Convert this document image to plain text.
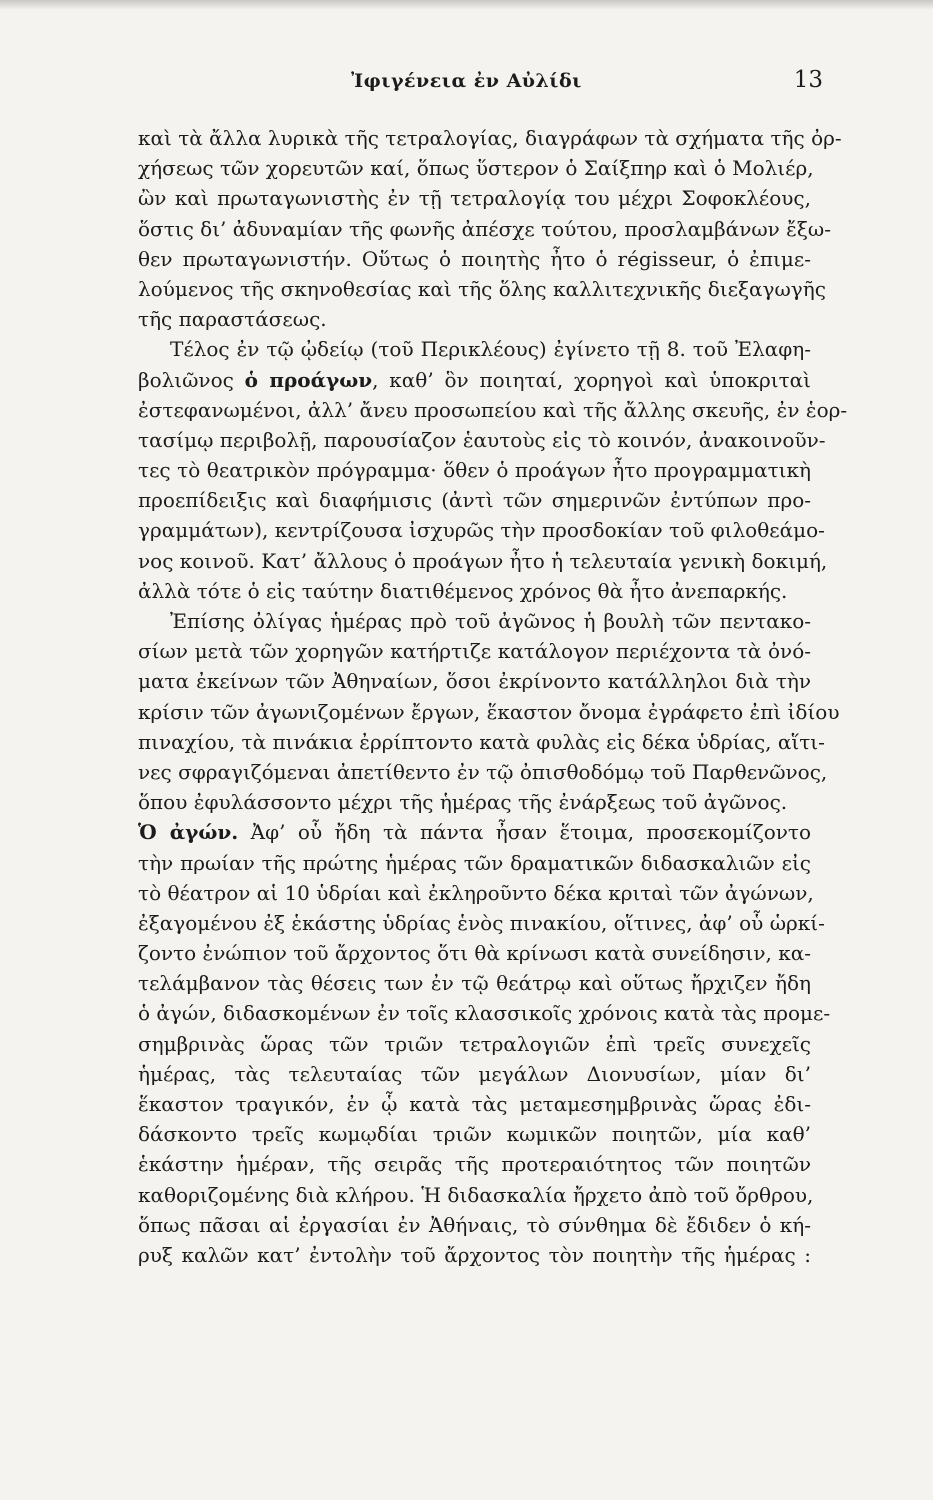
Ἰφιγένεια ἐν Αὐλίδι	13
καὶ τὰ ἄλλα λυρικὰ τῆς τετραλογίας, διαγράφων τὰ σχήματα τῆς ὀρ-
χήσεως τῶν χορευτῶν καί, ὅπως ὕστερον ὁ Σαίξπηρ καὶ ὁ Μολιέρ,
ὢν καὶ πρωταγωνιστὴς ἐν τῇ τετραλογίᾳ του μέχρι Σοφοκλέους,
ὅστις δι’ ἀδυναμίαν τῆς φωνῆς ἀπέσχε τούτου, προσλαμβάνων ἔξω-
θεν πρωταγωνιστήν. Οὕτως ὁ ποιητὴς ἦτο ὁ régisseur, ὁ ἐπιμε-
λούμενος τῆς σκηνοθεσίας καὶ τῆς ὅλης καλλιτεχνικῆς διεξαγωγῆς
τῆς παραστάσεως.
Τέλος ἐν τῷ ᾠδείῳ (τοῦ Περικλέους) ἐγίνετο τῇ 8. τοῦ Ἐλαφη-
βολιῶνος ὁ προάγων, καθ’ ὃν ποιηταί, χορηγοὶ καὶ ὑποκριταὶ
ἐστεφανωμένοι, ἀλλ’ ἄνευ προσωπείου καὶ τῆς ἄλλης σκευῆς, ἐν ἑορ-
τασίμῳ περιβολῇ, παρουσίαζον ἑαυτοὺς εἰς τὸ κοινόν, ἀνακοινοῦν-
τες τὸ θεατρικὸν πρόγραμμα· ὅθεν ὁ προάγων ἦτο προγραμματικὴ
προεπίδειξις καὶ διαφήμισις (ἀντὶ τῶν σημερινῶν ἐντύπων προ-
γραμμάτων), κεντρίζουσα ἰσχυρῶς τὴν προσδοκίαν τοῦ φιλοθεάμο-
νος κοινοῦ. Κατ’ ἄλλους ὁ προάγων ἦτο ἡ τελευταία γενικὴ δοκιμή,
ἀλλὰ τότε ὁ εἰς ταύτην διατιθέμενος χρόνος θὰ ἦτο ἀνεπαρκής.
Ἐπίσης ὀλίγας ἡμέρας πρὸ τοῦ ἀγῶνος ἡ βουλὴ τῶν πεντακο-
σίων μετὰ τῶν χορηγῶν κατήρτιζε κατάλογον περιέχοντα τὰ ὀνό-
ματα ἐκείνων τῶν Ἀθηναίων, ὅσοι ἐκρίνοντο κατάλληλοι διὰ τὴν
κρίσιν τῶν ἀγωνιζομένων ἔργων, ἕκαστον ὄνομα ἐγράφετο ἐπὶ ἰδίου
πιναχίου, τὰ πινάκια ἐρρίπτοντο κατὰ φυλὰς εἰς δέκα ὑδρίας, αἵτι-
νες σφραγιζόμεναι ἀπετίθεντο ἐν τῷ ὀπισθοδόμῳ τοῦ Παρθενῶνος,
ὅπου ἐφυλάσσοντο μέχρι τῆς ἡμέρας τῆς ἐνάρξεως τοῦ ἀγῶνος.
Ὁ ἀγών. Ἀφ’ οὗ ἤδη τὰ πάντα ἦσαν ἕτοιμα, προσεκομίζοντο
τὴν πρωίαν τῆς πρώτης ἡμέρας τῶν δραματικῶν διδασκαλιῶν εἰς
τὸ θέατρον αἱ 10 ὑδρίαι καὶ ἐκληροῦντο δέκα κριταὶ τῶν ἀγώνων,
ἐξαγομένου ἐξ ἑκάστης ὑδρίας ἑνὸς πινακίου, οἵτινες, ἀφ’ οὗ ὡρκί-
ζοντο ἐνώπιον τοῦ ἄρχοντος ὅτι θὰ κρίνωσι κατὰ συνείδησιν, κα-
τελάμβανον τὰς θέσεις των ἐν τῷ θεάτρῳ καὶ οὕτως ἤρχιζεν ἤδη
ὁ ἀγών, διδασκομένων ἐν τοῖς κλασσικοῖς χρόνοις κατὰ τὰς προμε-
σημβρινὰς ὥρας τῶν τριῶν τετραλογιῶν ἐπὶ τρεῖς συνεχεῖς
ἡμέρας, τὰς τελευταίας τῶν μεγάλων Διονυσίων, μίαν δι’
ἕκαστον τραγικόν, ἐν ᾧ κατὰ τὰς μεταμεσημβρινὰς ὥρας ἐδι-
δάσκοντο τρεῖς κωμῳδίαι τριῶν κωμικῶν ποιητῶν, μία καθ’
ἑκάστην ἡμέραν, τῆς σειρᾶς τῆς προτεραιότητος τῶν ποιητῶν
καθοριζομένης διὰ κλήρου. Ἡ διδασκαλία ἤρχετο ἀπὸ τοῦ ὄρθρου,
ὅπως πᾶσαι αἱ ἐργασίαι ἐν Ἀθήναις, τὸ σύνθημα δὲ ἔδιδεν ὁ κή-
ρυξ καλῶν κατ’ ἐντολὴν τοῦ ἄρχοντος τὸν ποιητὴν τῆς ἡμέρας :
